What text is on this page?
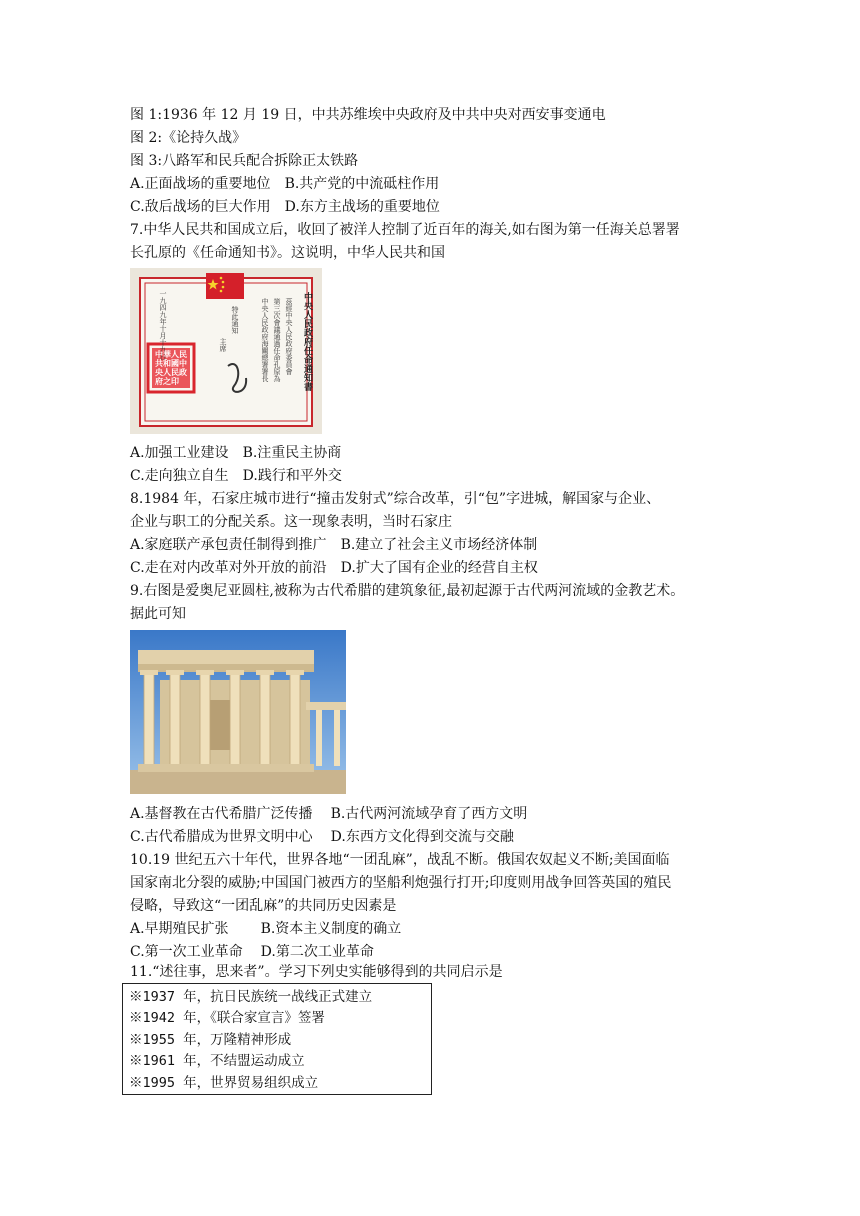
图 1:1936 年 12 月 19 日，中共苏维埃中央政府及中共中央对西安事变通电
图 2:《论持久战》
图 3:八路军和民兵配合拆除正太铁路
A.正面战场的重要地位 B.共产党的中流砥柱作用
C.敌后战场的巨大作用 D.东方主战场的重要地位
7.中华人民共和国成立后，收回了被洋人控制了近百年的海关,如右图为第一任海关总署署
长孔原的《任命通知书》。这说明，中华人民共和国
中央人民政府任命通知書
茲經中央人民政府委員會
第三次會議通過任命孔原為
中央人民政府海關總署署長
特此通知
主席
一九四九年十月十九日
中華人民共和國中央人民政府之印
A.加强工业建设 B.注重民主协商
C.走向独立自生 D.践行和平外交
8.1984 年，石家庄城市进行“撞击发射式”综合改革，引“包”字进城，解国家与企业、
企业与职工的分配关系。这一现象表明，当时石家庄
A.家庭联产承包责任制得到推广 B.建立了社会主义市场经济体制
C.走在对内改革对外开放的前沿 D.扩大了国有企业的经营自主权
9.右图是爱奥尼亚圆柱,被称为古代希腊的建筑象征,最初起源于古代两河流域的金教艺术。
据此可知
A.基督教在古代希腊广泛传播 B.古代两河流域孕育了西方文明
C.古代希腊成为世界文明中心 D.东西方文化得到交流与交融
10.19 世纪五六十年代，世界各地“一团乱麻”，战乱不断。俄国农奴起义不断;美国面临
国家南北分裂的威胁;中国国门被西方的坚船利炮强行打开;印度则用战争回答英国的殖民
侵略，导致这“一团乱麻”的共同历史因素是
A.早期殖民扩张 B.资本主义制度的确立
C.第一次工业革命 D.第二次工业革命
11.“述往事，思来者”。学习下列史实能够得到的共同启示是
※1937 年，抗日民族统一战线正式建立
※1942 年，《联合家宣言》签署
※1955 年，万隆精神形成
※1961 年，不结盟运动成立
※1995 年，世界贸易组织成立
